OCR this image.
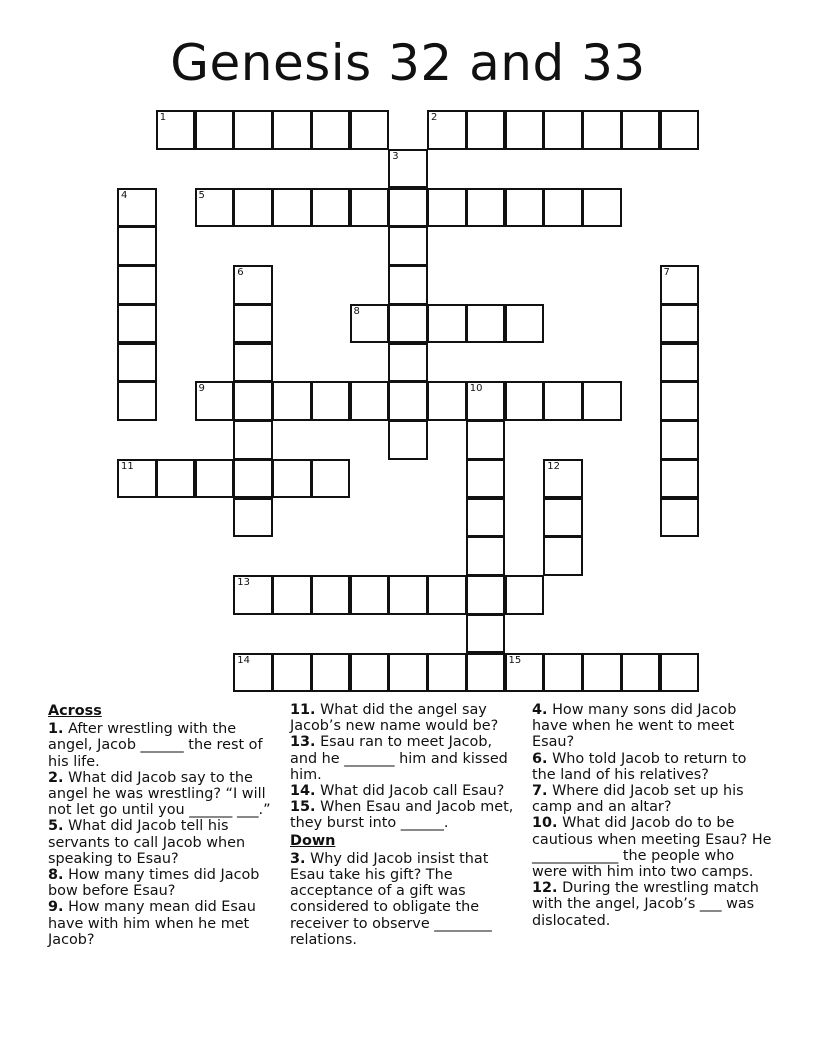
Genesis 32 and 33
1	2
5
8
9	10
11
13
14	15
3
4
6	7
12
Across
1. After wrestling with the angel, Jacob ______ the rest of his life.
2. What did Jacob say to the angel he was wrestling? “I will not let go until you ______ ___.”
5. What did Jacob tell his servants to call Jacob when speaking to Esau?
8. How many times did Jacob bow before Esau?
9. How many mean did Esau have with him when he met Jacob?
11. What did the angel say Jacob’s new name would be?
13. Esau ran to meet Jacob, and he _______ him and kissed him.
14. What did Jacob call Esau?
15. When Esau and Jacob met, they burst into ______.
Down
3. Why did Jacob insist that Esau take his gift? The acceptance of a gift was considered to obligate the receiver to observe ________ relations.
4. How many sons did Jacob have when he went to meet Esau?
6. Who told Jacob to return to the land of his relatives?
7. Where did Jacob set up his camp and an altar?
10. What did Jacob do to be cautious when meeting Esau? He ____________ the people who were with him into two camps.
12. During the wrestling match with the angel, Jacob’s ___ was dislocated.
